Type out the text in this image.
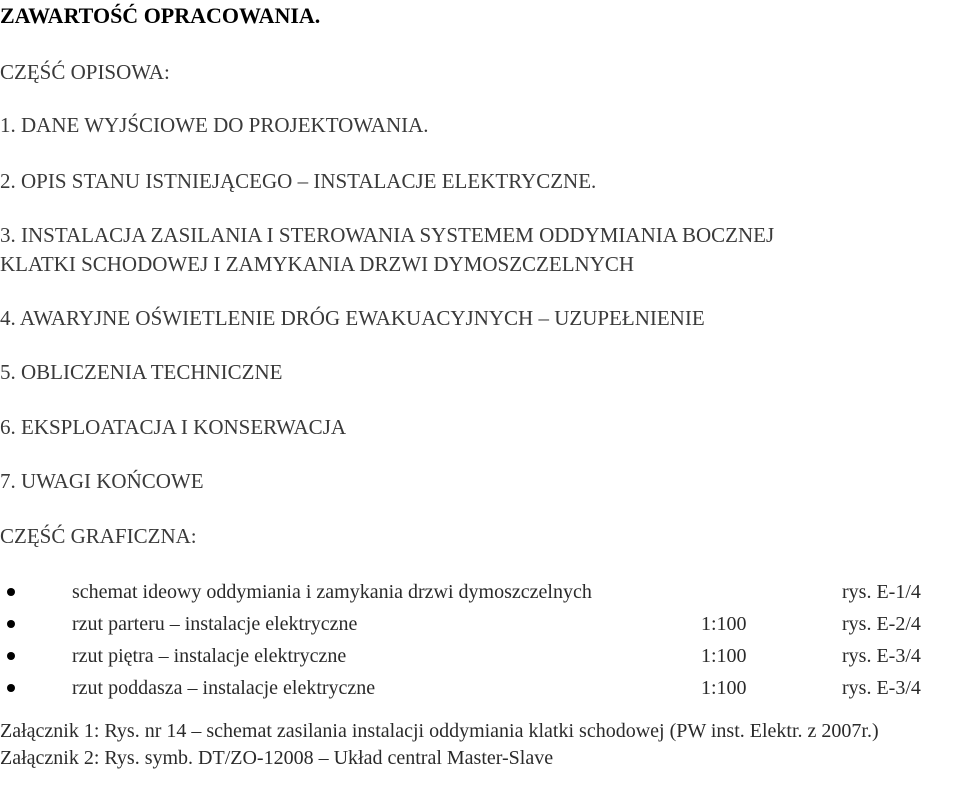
ZAWARTOŚĆ OPRACOWANIA.
CZĘŚĆ OPISOWA:
1. DANE WYJŚCIOWE DO PROJEKTOWANIA.
2. OPIS STANU ISTNIEJĄCEGO – INSTALACJE ELEKTRYCZNE.
3. INSTALACJA ZASILANIA I STEROWANIA SYSTEMEM ODDYMIANIA BOCZNEJ
KLATKI SCHODOWEJ I ZAMYKANIA DRZWI DYMOSZCZELNYCH
4. AWARYJNE OŚWIETLENIE DRÓG EWAKUACYJNYCH – UZUPEŁNIENIE
5. OBLICZENIA TECHNICZNE
6. EKSPLOATACJA I KONSERWACJA
7. UWAGI KOŃCOWE
CZĘŚĆ GRAFICZNA:
schemat ideowy oddymiania i zamykania drzwi dymoszczelnych	rys. E-1/4
rzut parteru – instalacje elektryczne	1:100	rys. E-2/4
rzut piętra – instalacje elektryczne	1:100	rys. E-3/4
rzut poddasza – instalacje elektryczne	1:100	rys. E-3/4
Załącznik 1: Rys. nr 14 – schemat zasilania instalacji oddymiania klatki schodowej (PW inst. Elektr. z 2007r.)
Załącznik 2: Rys. symb. DT/ZO-12008 – Układ central Master-Slave
